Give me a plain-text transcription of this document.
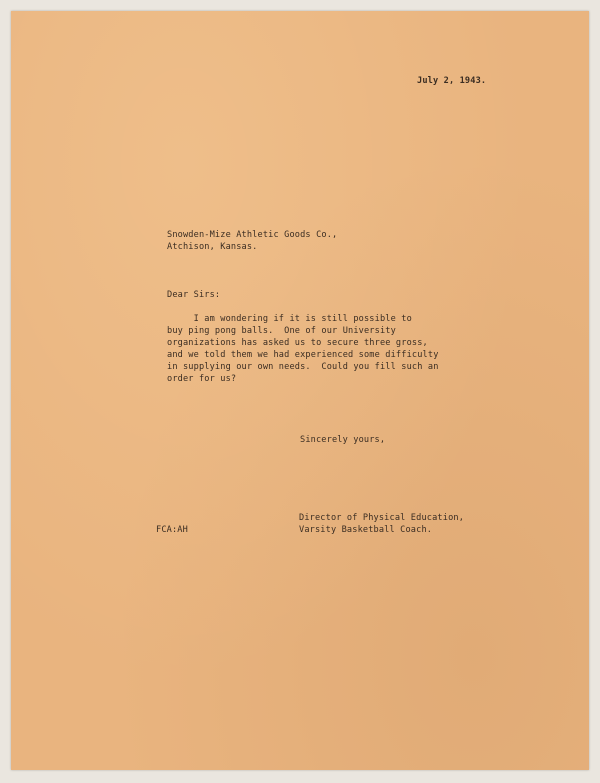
July 2, 1943.
Snowden-Mize Athletic Goods Co.,
Atchison, Kansas.
Dear Sirs:
I am wondering if it is still possible to
buy ping pong balls.  One of our University
organizations has asked us to secure three gross,
and we told them we had experienced some difficulty
in supplying our own needs.  Could you fill such an
order for us?
Sincerely yours,
Director of Physical Education,
Varsity Basketball Coach.
FCA:AH
